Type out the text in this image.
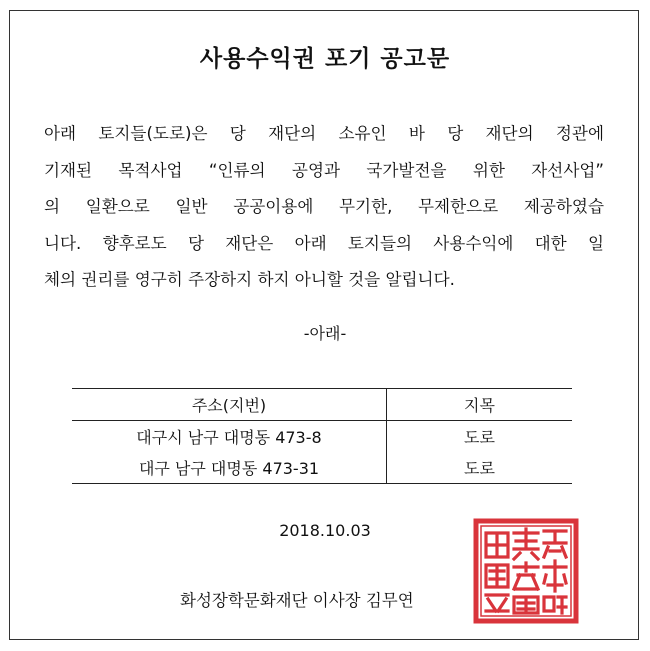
사용수익권 포기 공고문
아래 토지들(도로)은 당 재단의 소유인 바 당 재단의 정관에
기재된 목적사업 “인류의 공영과 국가발전을 위한 자선사업”
의 일환으로 일반 공공이용에 무기한, 무제한으로 제공하였습
니다. 향후로도 당 재단은 아래 토지들의 사용수익에 대한 일
체의 권리를 영구히 주장하지 하지 아니할 것을 알립니다.
-아래-
주소(지번)	지목
대구시 남구 대명동 473-8	도로
대구 남구 대명동 473-31	도로
2018.10.03
화성장학문화재단 이사장 김무연
